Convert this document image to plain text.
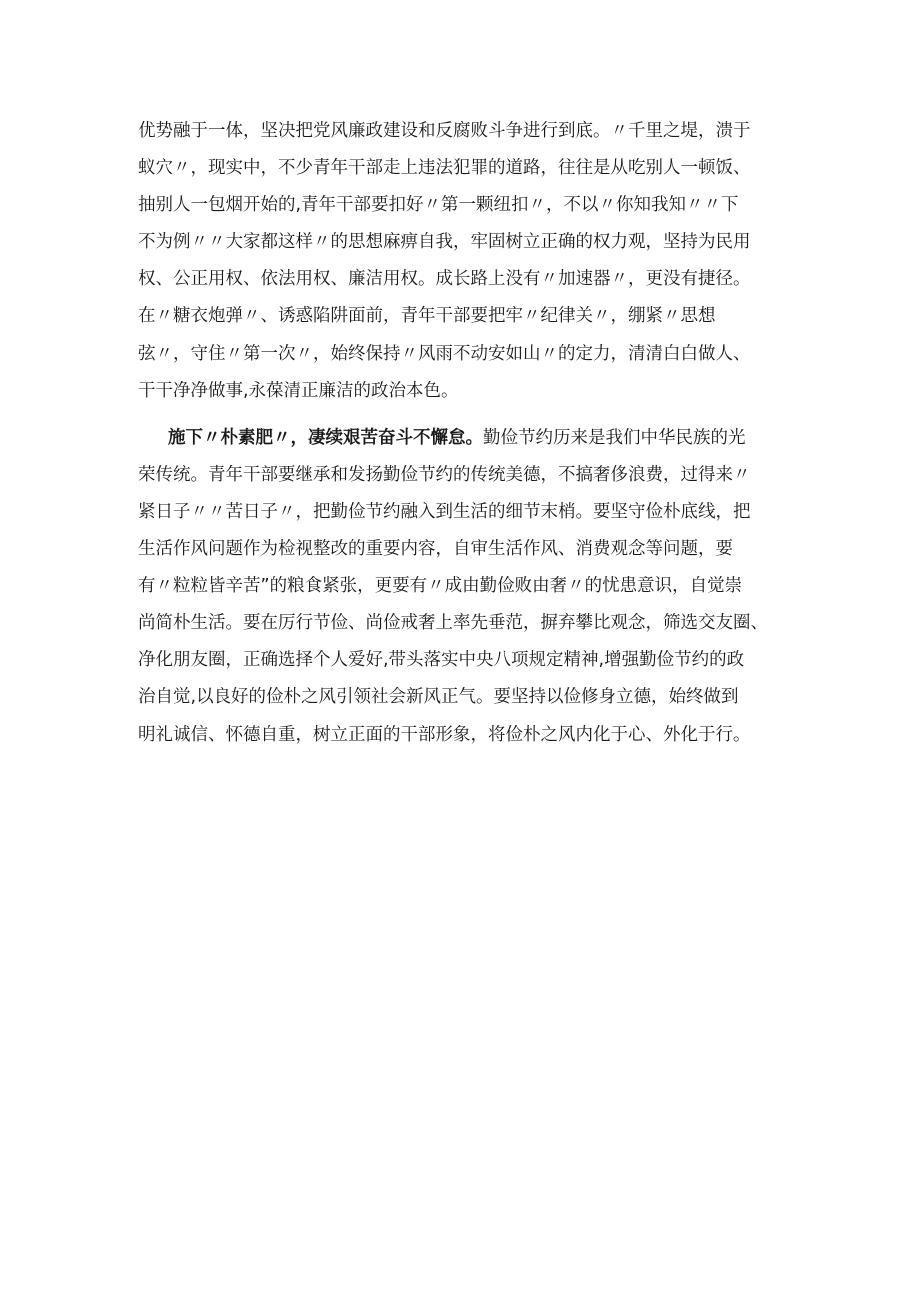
优势融于一体，坚决把党风廉政建设和反腐败斗争进行到底。〃千里之堤，溃于
蚁穴〃，现实中，不少青年干部走上违法犯罪的道路，往往是从吃别人一顿饭、
抽别人一包烟开始的,青年干部要扣好〃第一颗纽扣〃，不以〃你知我知〃〃下
不为例〃〃大家都这样〃的思想麻痹自我，牢固树立正确的权力观，坚持为民用
权、公正用权、依法用权、廉洁用权。成长路上没有〃加速器〃，更没有捷径。
在〃糖衣炮弹〃、诱惑陷阱面前，青年干部要把牢〃纪律关〃，绷紧〃思想
弦〃，守住〃第一次〃，始终保持〃风雨不动安如山〃的定力，清清白白做人、
干干净净做事,永葆清正廉洁的政治本色。
施下〃朴素肥〃，凄续艰苦奋斗不懈怠。勤俭节约历来是我们中华民族的光
荣传统。青年干部要继承和发扬勤俭节约的传统美德，不搞奢侈浪费，过得来〃
紧日子〃〃苦日子〃，把勤俭节约融入到生活的细节末梢。要坚守俭朴底线，把
生活作风问题作为检视整改的重要内容，自审生活作风、消费观念等问题，要
有〃粒粒皆辛苦”的粮食紧张，更要有〃成由勤俭败由奢〃的忧患意识，自觉崇
尚简朴生活。要在厉行节俭、尚俭戒奢上率先垂范，摒弃攀比观念，筛选交友圈、
净化朋友圈，正确选择个人爱好,带头落实中央八项规定精神,增强勤俭节约的政
治自觉,以良好的俭朴之风引领社会新风正气。要坚持以俭修身立德，始终做到
明礼诚信、怀德自重，树立正面的干部形象，将俭朴之风内化于心、外化于行。
